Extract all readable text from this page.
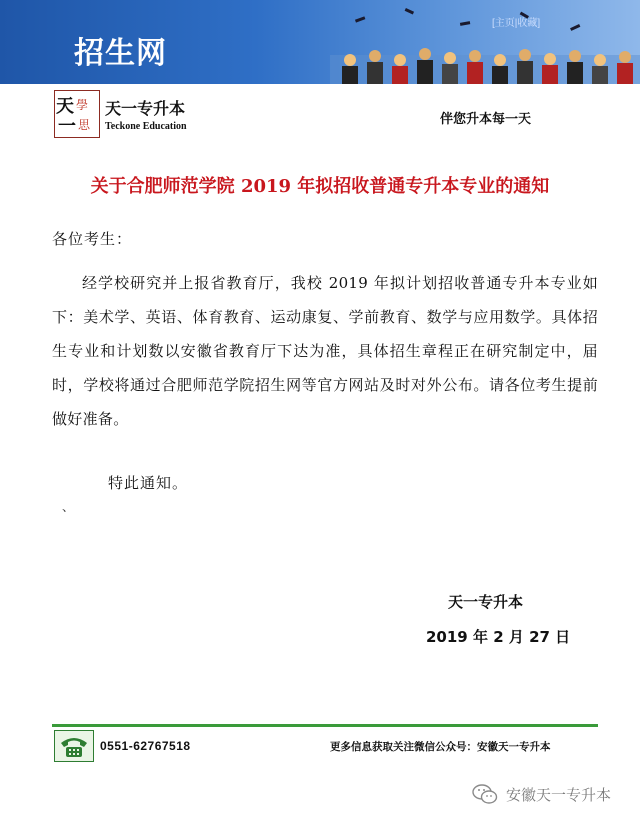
招生网
[主页|收藏]
天 學
一 思
天一专升本
Teckone Education	伴您升本每一天
关于合肥师范学院 2019 年拟招收普通专升本专业的通知
各位考生：
经学校研究并上报省教育厅，我校 2019 年拟计划招收普通专升本专业如下：美术学、英语、体育教育、运动康复、学前教育、数学与应用数学。具体招生专业和计划数以安徽省教育厅下达为准，具体招生章程正在研究制定中，届时，学校将通过合肥师范学院招生网等官方网站及时对外公布。请各位考生提前做好准备。
特此通知。
、
天一专升本
2019 年 2 月 27 日
0551-62767518	更多信息获取关注微信公众号：安徽天一专升本
安徽天一专升本
